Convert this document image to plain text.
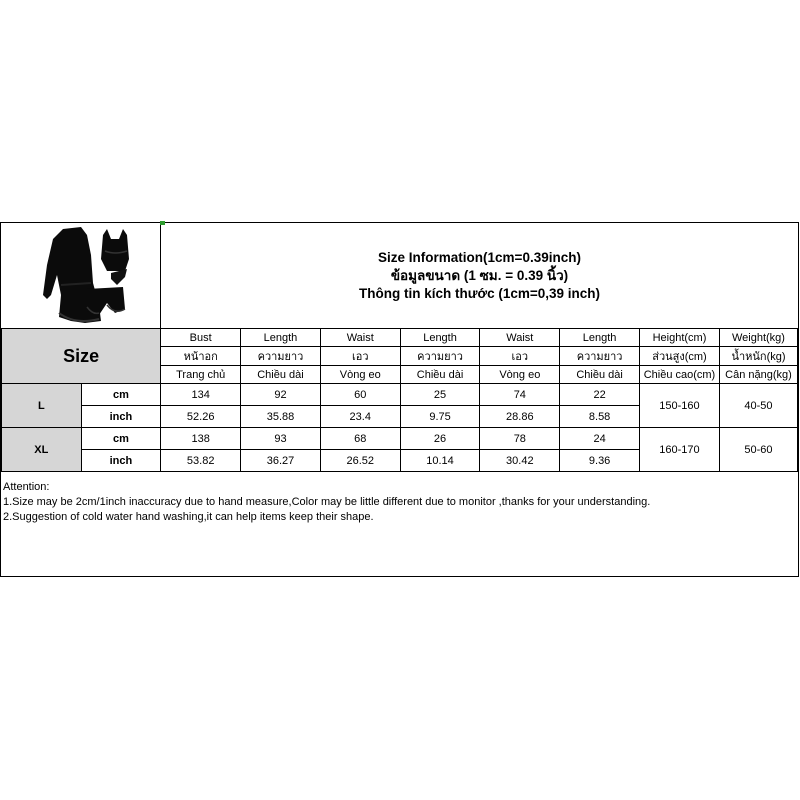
Size Information(1cm=0.39inch)
ข้อมูลขนาด (1 ซม. = 0.39 นิ้ว)
Thông tin kích thước (1cm=0,39 inch)
Size		Bust	Length	Waist	Length	Waist	Length	Height(cm)	Weight(kg)
		หน้าอก	ความยาว	เอว	ความยาว	เอว	ความยาว	ส่วนสูง(cm)	น้ำหนัก(kg)
		Trang chủ	Chiều dài	Vòng eo	Chiều dài	Vòng eo	Chiều dài	Chiều cao(cm)	Cân nặng(kg)
L	cm	134	92	60	25	74	22	150-160	40-50
	inch	52.26	35.88	23.4	9.75	28.86	8.58		
XL	cm	138	93	68	26	78	24	160-170	50-60
	inch	53.82	36.27	26.52	10.14	30.42	9.36		
Attention:
1.Size may be 2cm/1inch inaccuracy due to hand measure,Color may be little different due to monitor ,thanks for your understanding.
2.Suggestion of cold water hand washing,it can help items keep their shape.
